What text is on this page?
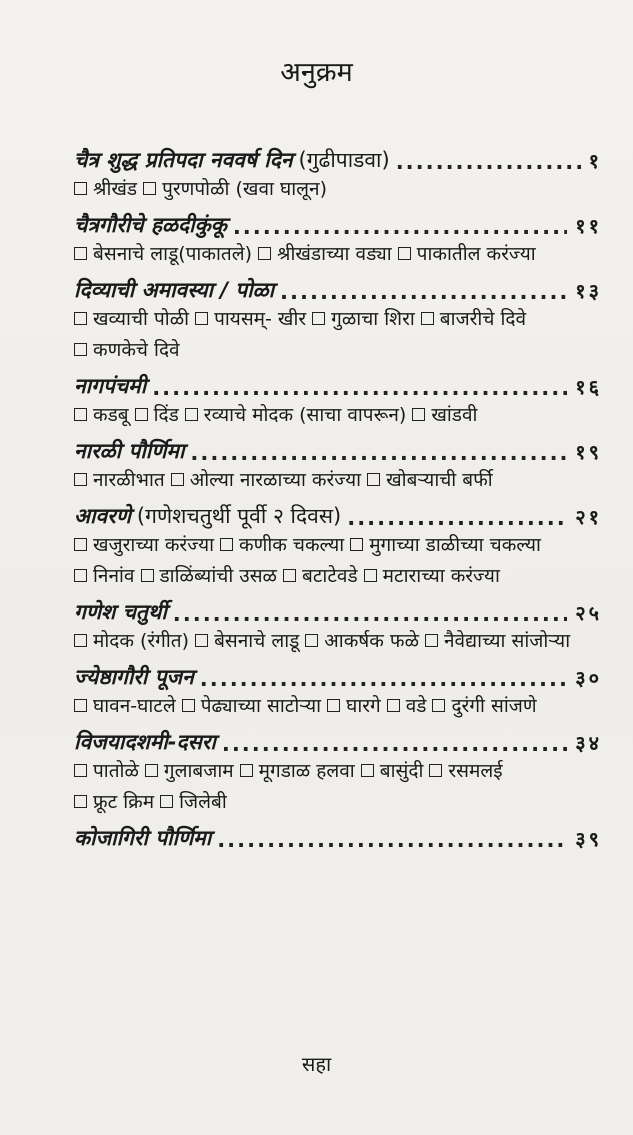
अनुक्रम
चैत्र शुद्ध प्रतिपदा नववर्ष दिन (गुढीपाडवा) .....	१
श्रीखंड पुरणपोळी (खवा घालून)
चैत्रगौरीचे हळदीकुंकू .....	११
बेसनाचे लाडू(पाकातले) श्रीखंडाच्या वड्या पाकातील करंज्या
दिव्याची अमावस्या / पोळा .....	१३
खव्याची पोळी पायसम्- खीर गुळाचा शिरा बाजरीचे दिवे
कणकेचे दिवे
नागपंचमी .....	१६
कडबू दिंड रव्याचे मोदक (साचा वापरून) खांडवी
नारळी पौर्णिमा .....	१९
नारळीभात ओल्या नारळाच्या करंज्या खोबऱ्याची बर्फी
आवरणे (गणेशचतुर्थी पूर्वी २ दिवस) .....	२१
खजुराच्या करंज्या कणीक चकल्या मुगाच्या डाळीच्या चकल्या
निनांव डाळिंब्यांची उसळ बटाटेवडे मटाराच्या करंज्या
गणेश चतुर्थी .....	२५
मोदक (रंगीत) बेसनाचे लाडू आकर्षक फळे नैवेद्याच्या सांजोऱ्या
ज्येष्ठागौरी पूजन .....	३०
घावन-घाटले पेढ्याच्या साटोऱ्या घारगे वडे दुरंगी सांजणे
विजयादशमी-दसरा .....	३४
पातोळे गुलाबजाम मूगडाळ हलवा बासुंदी रसमलई
फ्रूट क्रिम जिलेबी
कोजागिरी पौर्णिमा .....	३९
सहा
